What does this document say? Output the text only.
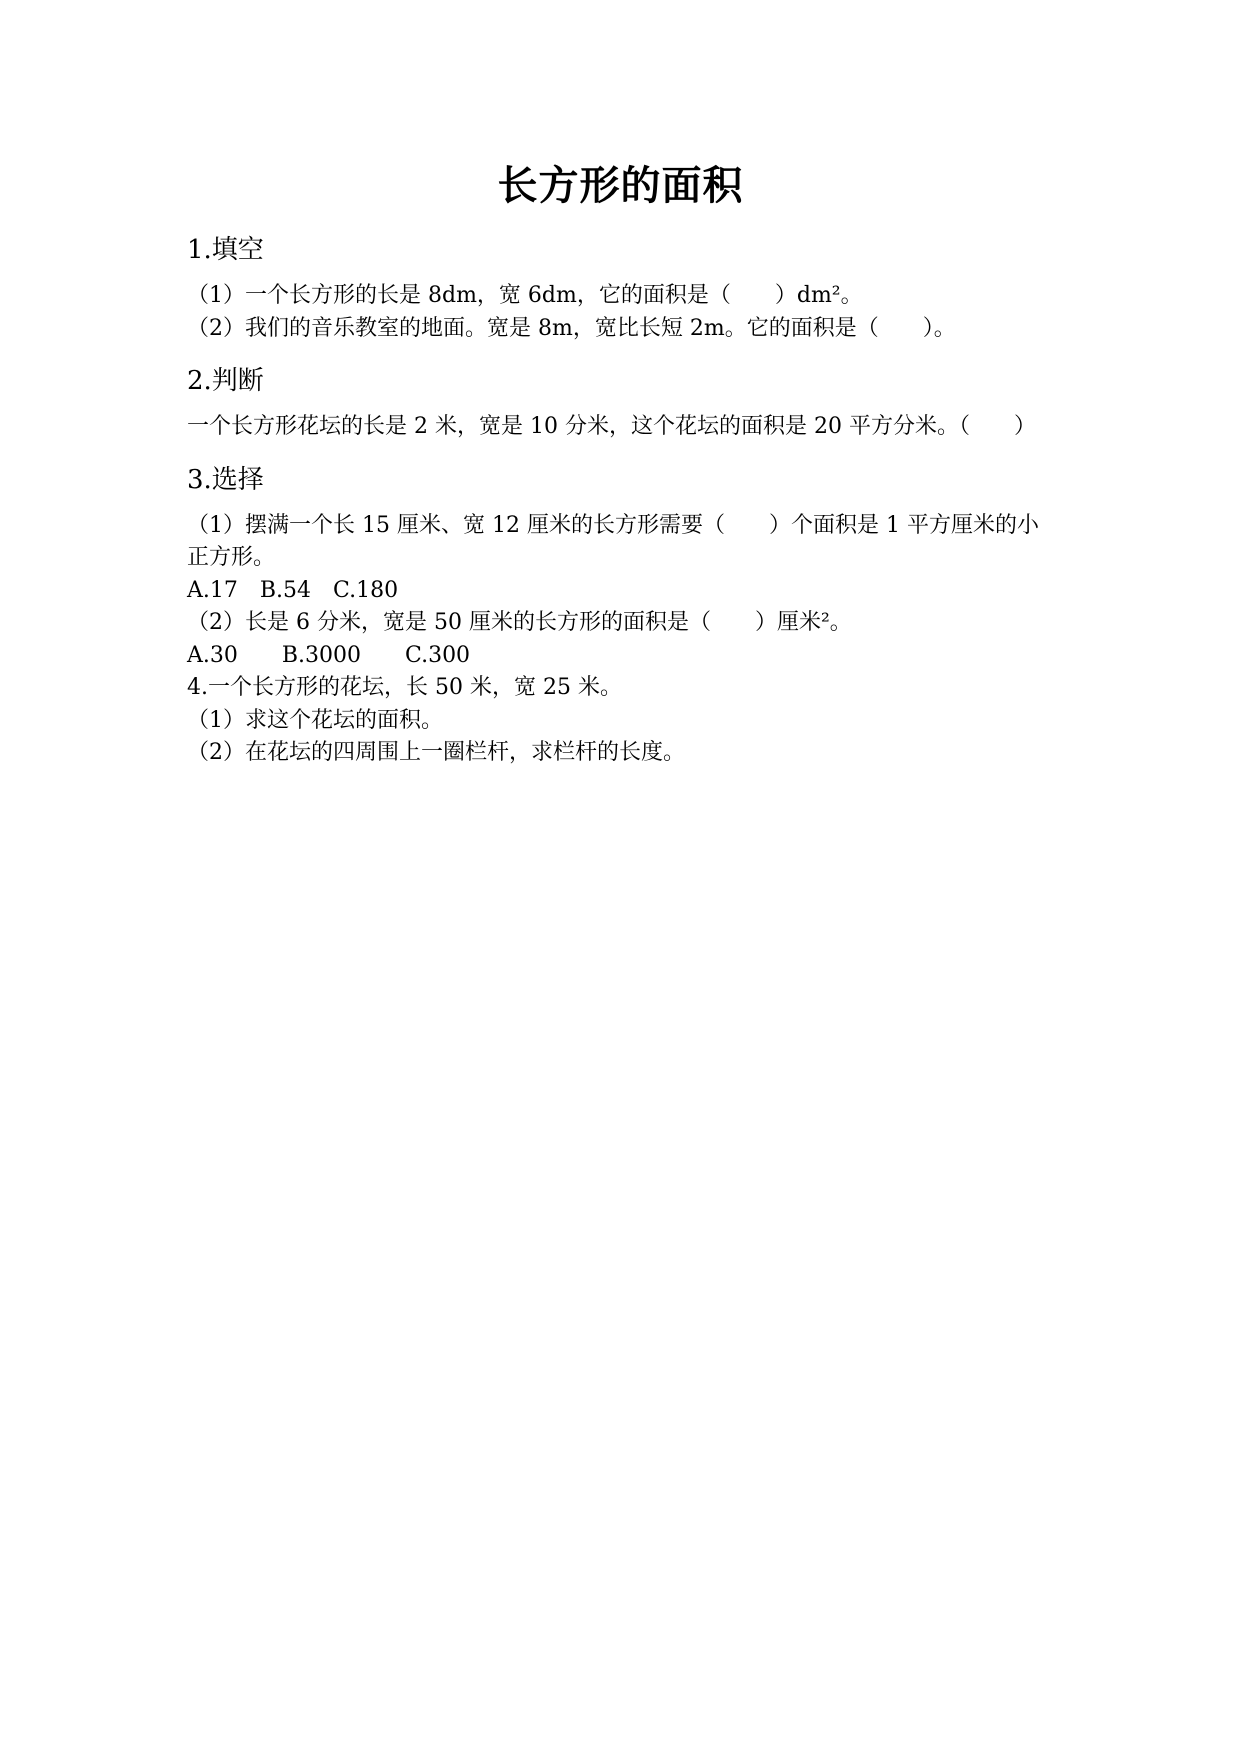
长方形的面积
1.填空
（1）一个长方形的长是 8dm，宽 6dm，它的面积是（　　）dm²。
（2）我们的音乐教室的地面。宽是 8m，宽比长短 2m。它的面积是（　　）。
2.判断
一个长方形花坛的长是 2 米，宽是 10 分米，这个花坛的面积是 20 平方分米。（　　）
3.选择
（1）摆满一个长 15 厘米、宽 12 厘米的长方形需要（　　）个面积是 1 平方厘米的小正方形。
A.17　B.54　C.180
（2）长是 6 分米，宽是 50 厘米的长方形的面积是（　　）厘米²。
A.30　　B.3000　　C.300
4.一个长方形的花坛，长 50 米，宽 25 米。
（1）求这个花坛的面积。
（2）在花坛的四周围上一圈栏杆，求栏杆的长度。
